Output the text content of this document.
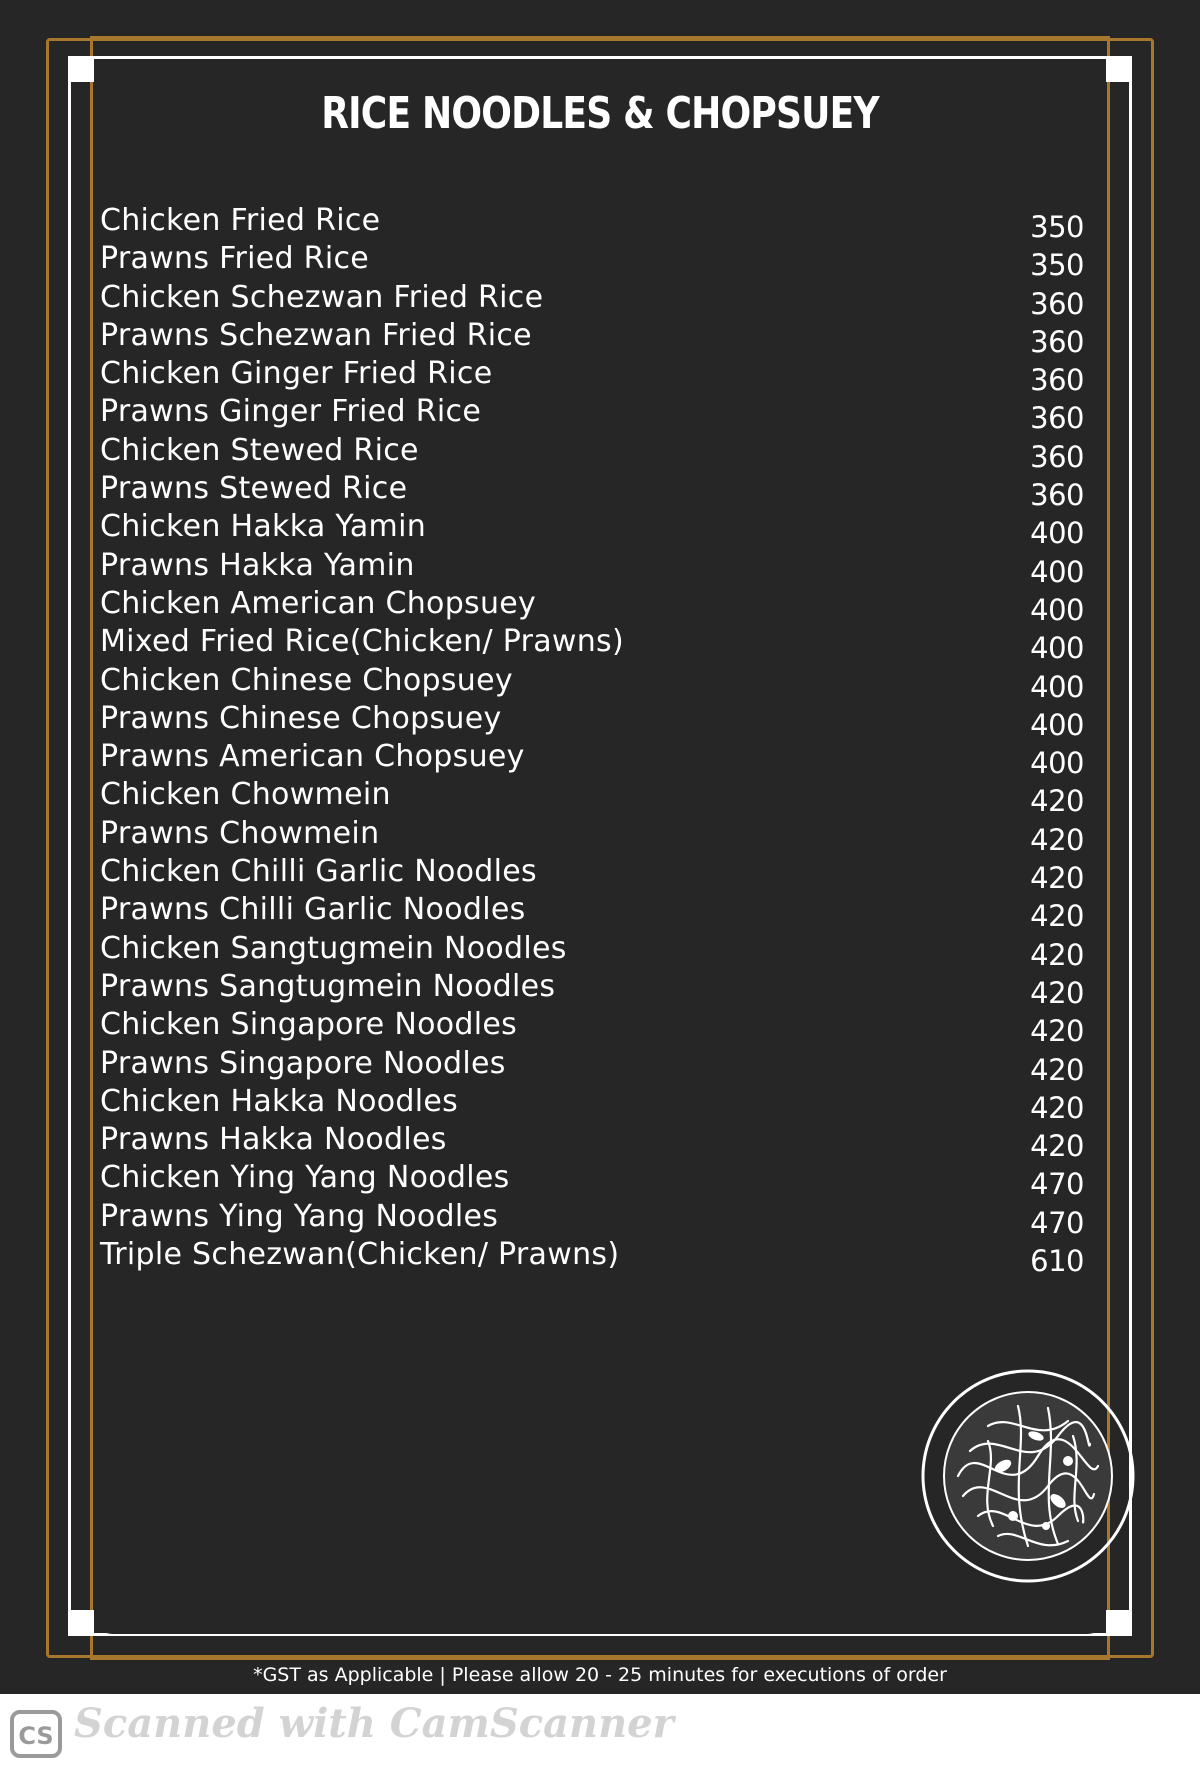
RICE NOODLES & CHOPSUEY
Chicken Fried Rice	350
Prawns Fried Rice	350
Chicken Schezwan Fried Rice	360
Prawns Schezwan Fried Rice	360
Chicken Ginger Fried Rice	360
Prawns Ginger Fried Rice	360
Chicken Stewed Rice	360
Prawns Stewed Rice	360
Chicken Hakka Yamin	400
Prawns Hakka Yamin	400
Chicken American Chopsuey	400
Mixed Fried Rice(Chicken/ Prawns)	400
Chicken Chinese Chopsuey	400
Prawns Chinese Chopsuey	400
Prawns American Chopsuey	400
Chicken Chowmein	420
Prawns Chowmein	420
Chicken Chilli Garlic Noodles	420
Prawns Chilli Garlic Noodles	420
Chicken Sangtugmein Noodles	420
Prawns Sangtugmein Noodles	420
Chicken Singapore Noodles	420
Prawns Singapore Noodles	420
Chicken Hakka Noodles	420
Prawns Hakka Noodles	420
Chicken Ying Yang Noodles	470
Prawns Ying Yang Noodles	470
Triple Schezwan(Chicken/ Prawns)	610
*GST as Applicable | Please allow 20 - 25 minutes for executions of order
CS Scanned with CamScanner
